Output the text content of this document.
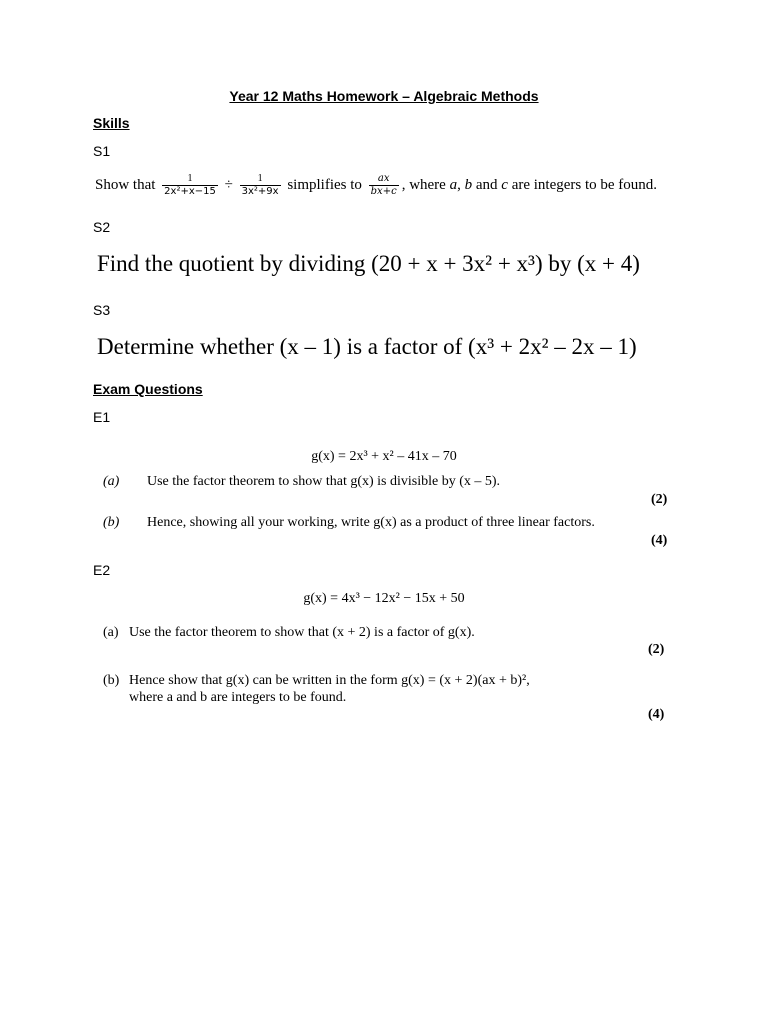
Year 12 Maths Homework – Algebraic Methods
Skills
S1
Show that $\frac{1}{\text{2x²+x−15}} \div \frac{1}{\text{3x²+9x}}$ simplifies to $\frac{ax}{bx+c}$ , where a, b and c are integers to be found.
S2
Find the quotient by dividing (20 + x + 3x² + x³) by (x + 4)
S3
Determine whether (x – 1) is a factor of (x³ + 2x² – 2x – 1)
Exam Questions
E1
g(x) = 2x³ + x² – 41x – 70
(a) Use the factor theorem to show that g(x) is divisible by (x – 5).
(2)
(b) Hence, showing all your working, write g(x) as a product of three linear factors.
(4)
E2
g(x) = 4x³ − 12x² − 15x + 50
(a) Use the factor theorem to show that (x + 2) is a factor of g(x).
(2)
(b) Hence show that g(x) can be written in the form g(x) = (x + 2)(ax + b)²,
where a and b are integers to be found.
(4)
